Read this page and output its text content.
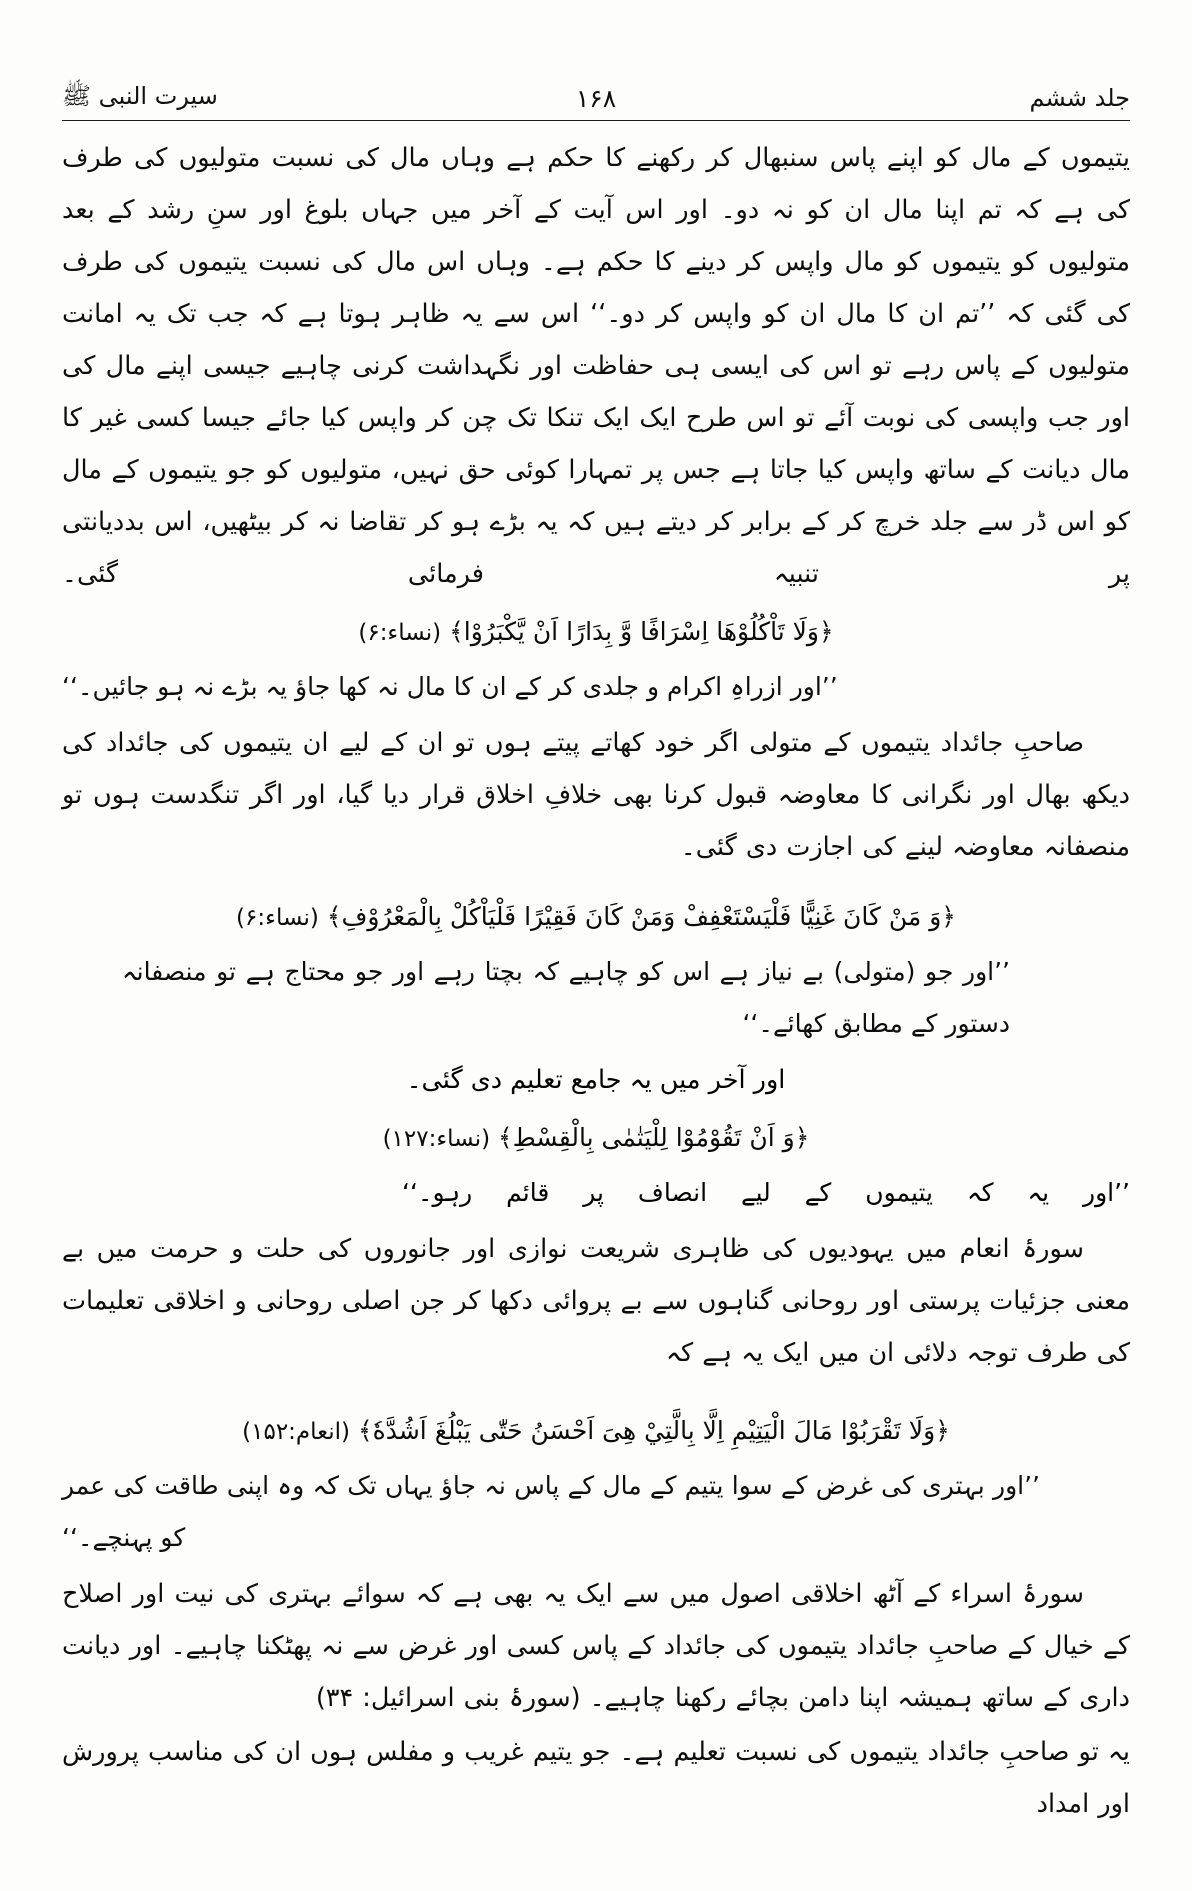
سیرت النبی ﷺ	۱۶۸	جلد ششم

یتیموں کے مال کو اپنے پاس سنبھال کر رکھنے کا حکم ہے وہاں مال کی نسبت متولیوں کی طرف کی ہے کہ تم اپنا مال ان کو نہ دو۔ اور اس آیت کے آخر میں جہاں بلوغ اور سنِ رشد کے بعد متولیوں کو یتیموں کو مال واپس کر دینے کا حکم ہے۔ وہاں اس مال کی نسبت یتیموں کی طرف کی گئی کہ ’’تم ان کا مال ان کو واپس کر دو۔‘‘ اس سے یہ ظاہر ہوتا ہے کہ جب تک یہ امانت متولیوں کے پاس رہے تو اس کی ایسی ہی حفاظت اور نگہداشت کرنی چاہیے جیسی اپنے مال کی اور جب واپسی کی نوبت آئے تو اس طرح ایک ایک تنکا تک چن کر واپس کیا جائے جیسا کسی غیر کا مال دیانت کے ساتھ واپس کیا جاتا ہے جس پر تمہارا کوئی حق نہیں، متولیوں کو جو یتیموں کے مال کو اس ڈر سے جلد خرچ کر کے برابر کر دیتے ہیں کہ یہ بڑے ہو کر تقاضا نہ کر بیٹھیں، اس بددیانتی پر تنبیہ فرمائی گئی۔

﴿وَلَا تَاْكُلُوْهَا اِسْرَافًا وَّ بِدَارًا اَنْ يَّكْبَرُوْا﴾ (نساء:۶)

’’اور ازراہِ اکرام و جلدی کر کے ان کا مال نہ کھا جاؤ یہ بڑے نہ ہو جائیں۔‘‘

صاحبِ جائداد یتیموں کے متولی اگر خود کھاتے پیتے ہوں تو ان کے لیے ان یتیموں کی جائداد کی دیکھ بھال اور نگرانی کا معاوضہ قبول کرنا بھی خلافِ اخلاق قرار دیا گیا، اور اگر تنگدست ہوں تو منصفانہ معاوضہ لینے کی اجازت دی گئی۔

﴿وَ مَنْ كَانَ غَنِيًّا فَلْيَسْتَعْفِفْ وَمَنْ كَانَ فَقِيْرًا فَلْيَاْكُلْ بِالْمَعْرُوْفِ﴾ (نساء:۶)

’’اور جو (متولی) بے نیاز ہے اس کو چاہیے کہ بچتا رہے اور جو محتاج ہے تو منصفانہ دستور کے مطابق کھائے۔‘‘

اور آخر میں یہ جامع تعلیم دی گئی۔

﴿وَ اَنْ تَقُوْمُوْا لِلْيَتٰمٰى بِالْقِسْطِ﴾ (نساء:۱۲۷)

’’اور یہ کہ یتیموں کے لیے انصاف پر قائم رہو۔‘‘

سورۂ انعام میں یہودیوں کی ظاہری شریعت نوازی اور جانوروں کی حلت و حرمت میں بے معنی جزئیات پرستی اور روحانی گناہوں سے بے پروائی دکھا کر جن اصلی روحانی و اخلاقی تعلیمات کی طرف توجہ دلائی ان میں ایک یہ ہے کہ

﴿وَلَا تَقْرَبُوْا مَالَ الْيَتِيْمِ اِلَّا بِالَّتِيْ هِىَ اَحْسَنُ حَتّٰى يَبْلُغَ اَشُدَّهٗ﴾ (انعام:۱۵۲)

’’اور بہتری کی غرض کے سوا یتیم کے مال کے پاس نہ جاؤ یہاں تک کہ وہ اپنی طاقت کی عمر کو پہنچے۔‘‘

سورۂ اسراء کے آٹھ اخلاقی اصول میں سے ایک یہ بھی ہے کہ سوائے بہتری کی نیت اور اصلاح کے خیال کے صاحبِ جائداد یتیموں کی جائداد کے پاس کسی اور غرض سے نہ پھٹکنا چاہیے۔ اور دیانت داری کے ساتھ ہمیشہ اپنا دامن بچائے رکھنا چاہیے۔ (سورۂ بنی اسرائیل: ۳۴)

یہ تو صاحبِ جائداد یتیموں کی نسبت تعلیم ہے۔ جو یتیم غریب و مفلس ہوں ان کی مناسب پرورش اور امداد
